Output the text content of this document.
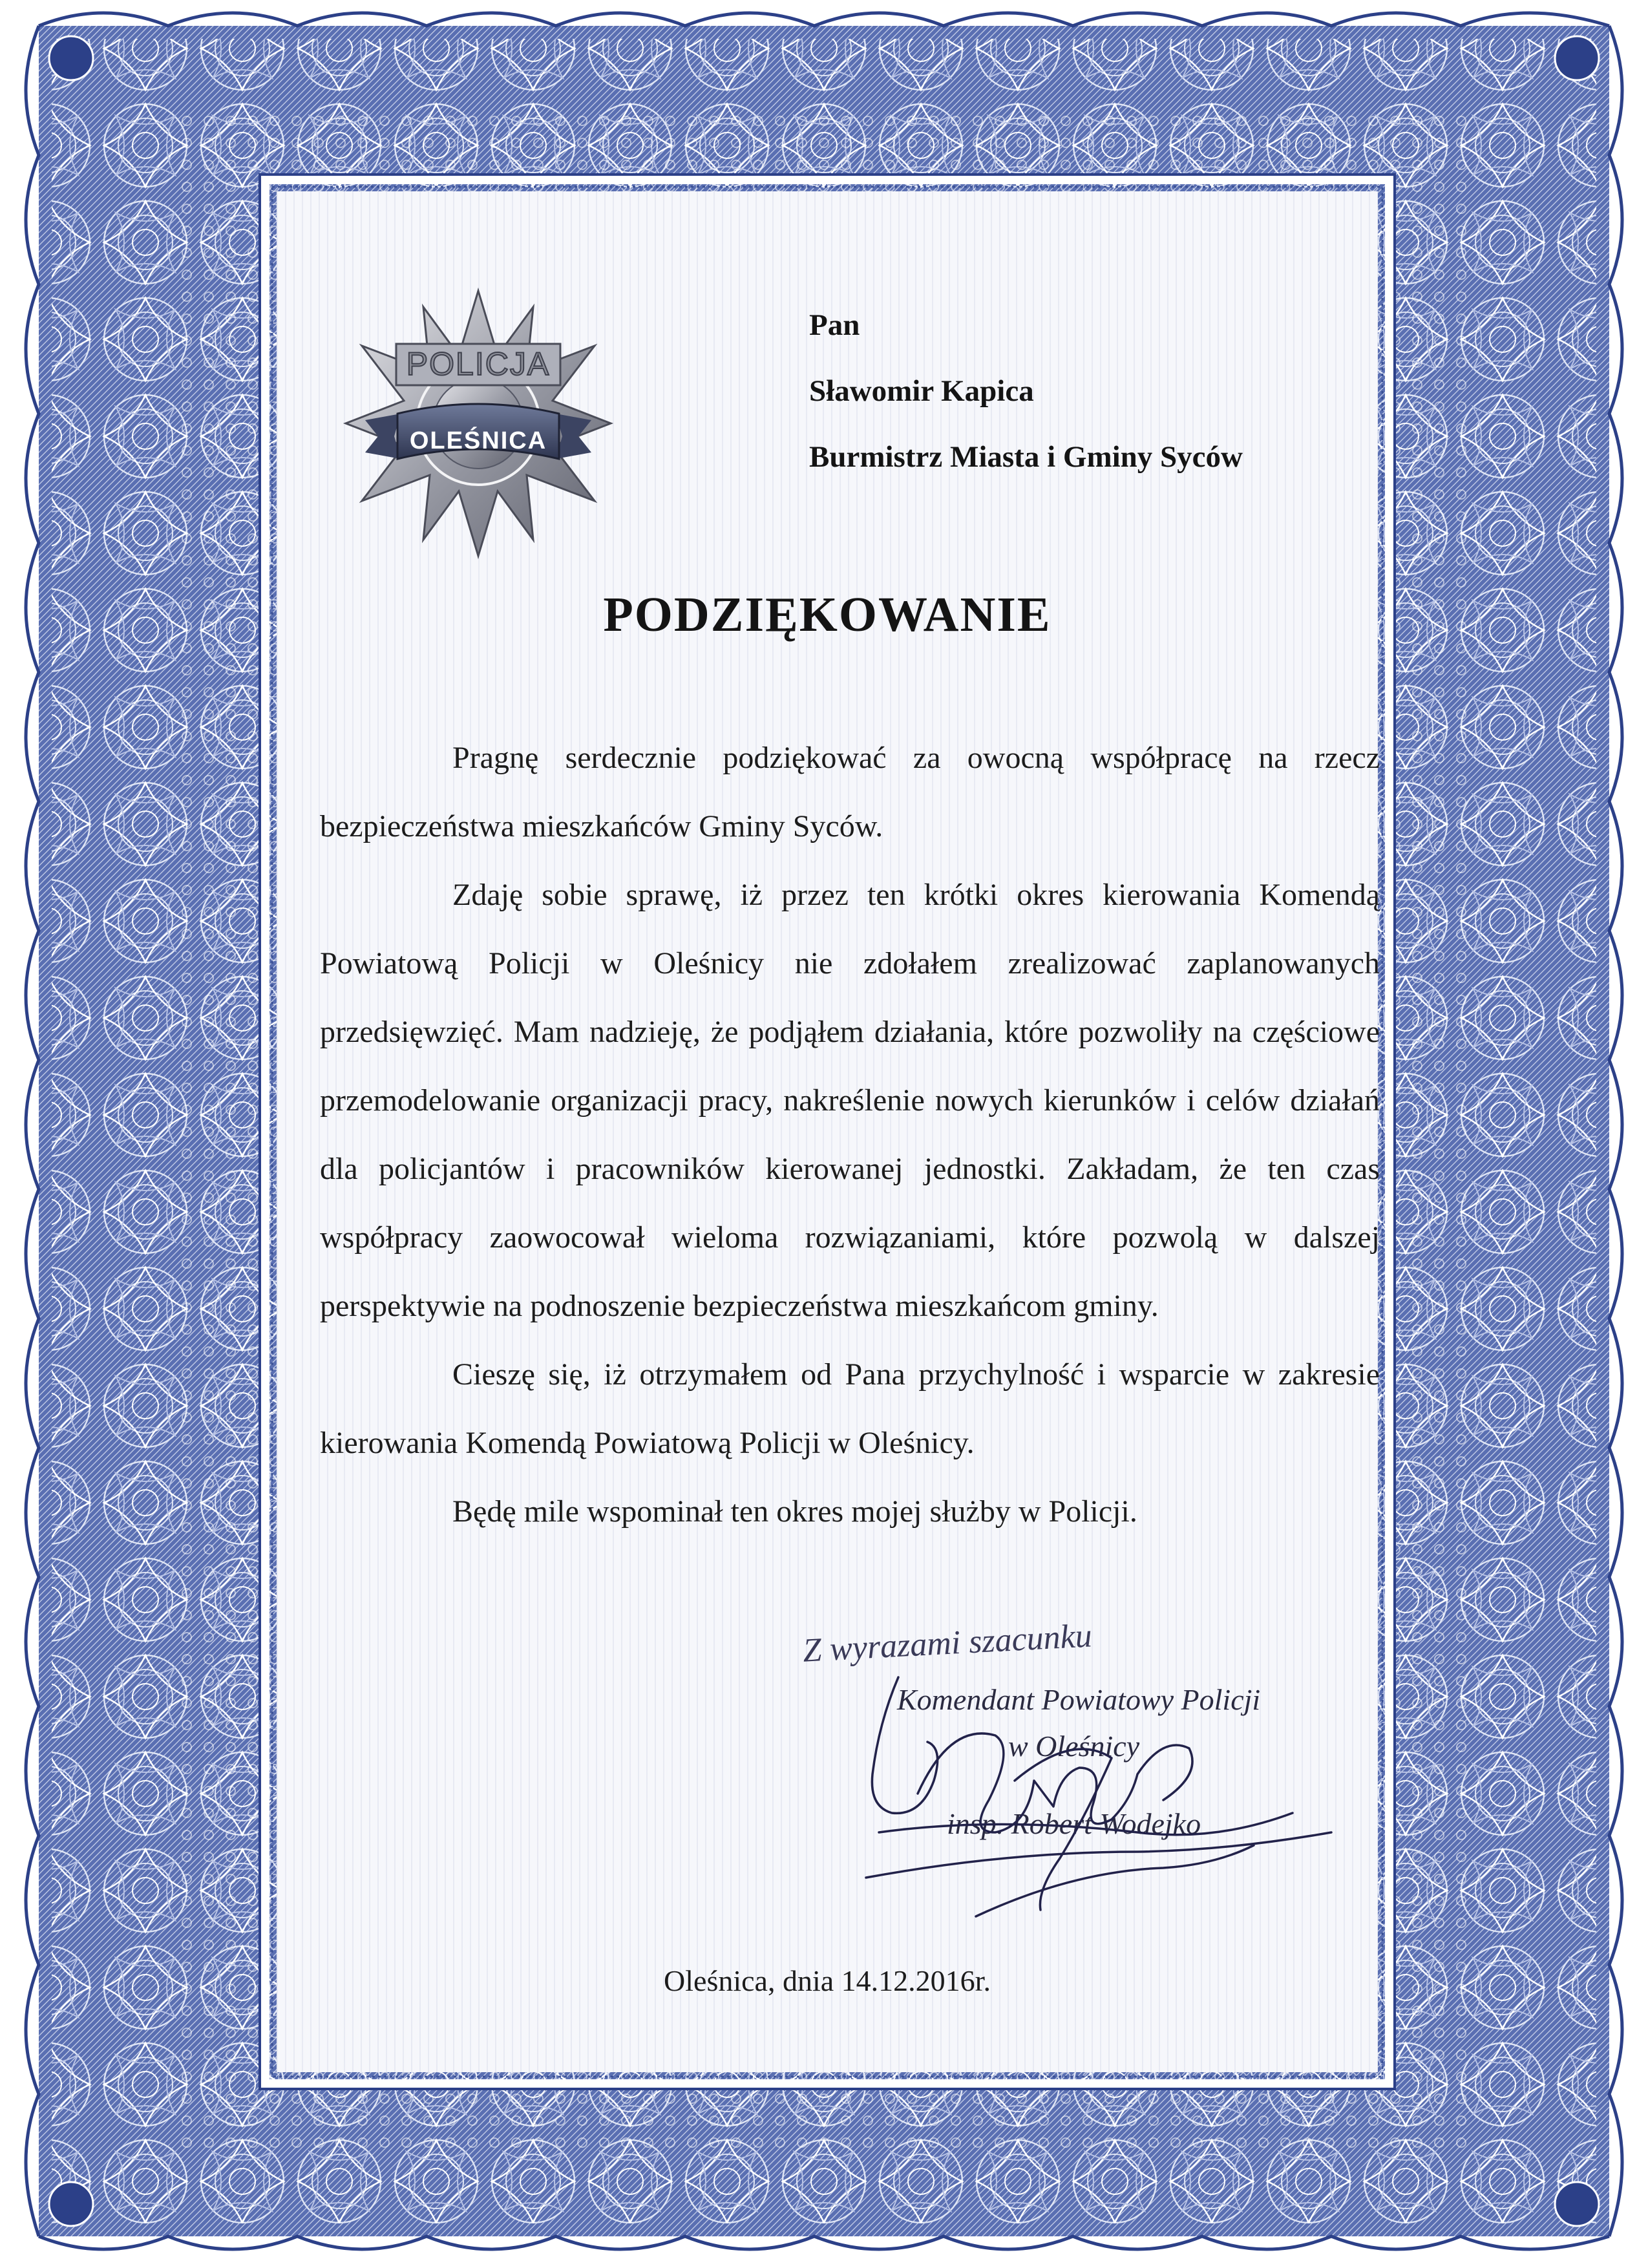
POLICJA
OLEŚNICA
Pan
Sławomir Kapica
Burmistrz Miasta i Gminy Syców
PODZIĘKOWANIE

Pragnę serdecznie podziękować za owocną współpracę na rzecz bezpieczeństwa mieszkańców Gminy Syców.

Zdaję sobie sprawę, iż przez ten krótki okres kierowania Komendą Powiatową Policji w Oleśnicy nie zdołałem zrealizować zaplanowanych przedsięwzięć. Mam nadzieję, że podjąłem działania, które pozwoliły na częściowe przemodelowanie organizacji pracy, nakreślenie nowych kierunków i celów działań dla policjantów i pracowników kierowanej jednostki. Zakładam, że ten czas współpracy zaowocował wieloma rozwiązaniami, które pozwolą w dalszej perspektywie na podnoszenie bezpieczeństwa mieszkańcom gminy.

Cieszę się, iż otrzymałem od Pana przychylność i wsparcie w zakresie kierowania Komendą Powiatową Policji w Oleśnicy.

Będę mile wspominał ten okres mojej służby w Policji.

Z wyrazami szacunku
Komendant Powiatowy Policji
w Oleśnicy
insp. Robert Wodejko
Oleśnica, dnia 14.12.2016r.
